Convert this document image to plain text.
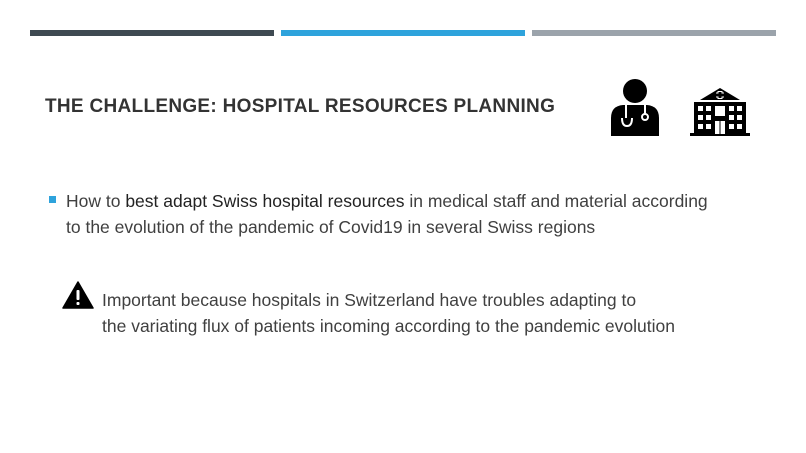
THE CHALLENGE: HOSPITAL RESOURCES PLANNING
How to best adapt Swiss hospital resources in medical staff and material according
to the evolution of the pandemic of Covid19 in several Swiss regions
Important because hospitals in Switzerland have troubles adapting to
the variating flux of patients incoming according to the pandemic evolution
